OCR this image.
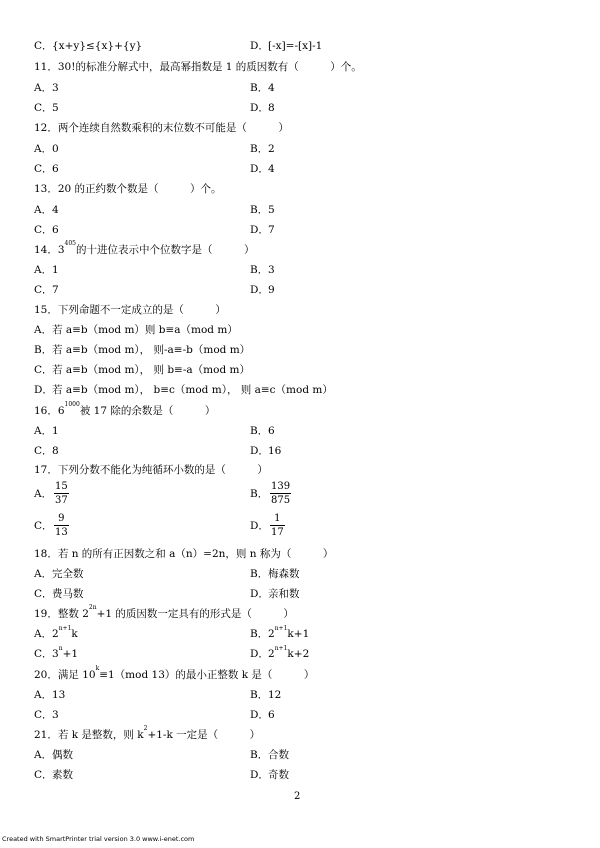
C．{x+y}≤{x}+{y}	D．[-x]=-[x]-1
11．30!的标准分解式中，最高幂指数是 1 的质因数有（　　　）个。
A．3	B．4
C．5	D．8
12．两个连续自然数乘积的末位数不可能是（　　　）
A．0	B．2
C．6	D．4
13．20 的正约数个数是（　　　）个。
A．4	B．5
C．6	D．7
14．$3^{405}$的十进位表示中个位数字是（　　　）
A．1	B．3
C．7	D．9
15．下列命题不一定成立的是（　　　）
A．若 a≡b（mod m）则 b≡a（mod m）
B．若 a≡b（mod m）， 则-a≡-b（mod m）
C．若 a≡b（mod m）， 则 b≡-a（mod m）
D．若 a≡b（mod m）， b≡c（mod m）， 则 a≡c（mod m）
16．$6^{1000}$被 17 除的余数是（　　　）
A．1	B．6
C．8	D．16
17．下列分数不能化为纯循环小数的是（　　　）
A． $\frac{15}{37}$	B． $\frac{139}{875}$
C． $\frac{9}{13}$	D． $\frac{1}{17}$
18．若 n 的所有正因数之和 a（n）=2n，则 n 称为（　　　）
A．完全数	B．梅森数
C．费马数	D．亲和数
19．整数 $2^{2n}+1$ 的质因数一定具有的形式是（　　　）
A．$2^{n+1}k$	B．$2^{n+1}k+1$
C．$3^n+1$	D．$2^{n+1}k+2$
20．满足 $10^k\equiv 1(mod$ 13）的最小正整数 k 是（　　　）
A．13	B．12
C．3	D．6
21．若 k 是整数，则 $k^2+1-k$ 一定是（　　　）
A．偶数	B．合数
C．素数	D．奇数
2
Created with SmartPrinter trial version 3.0 www.i-enet.com
